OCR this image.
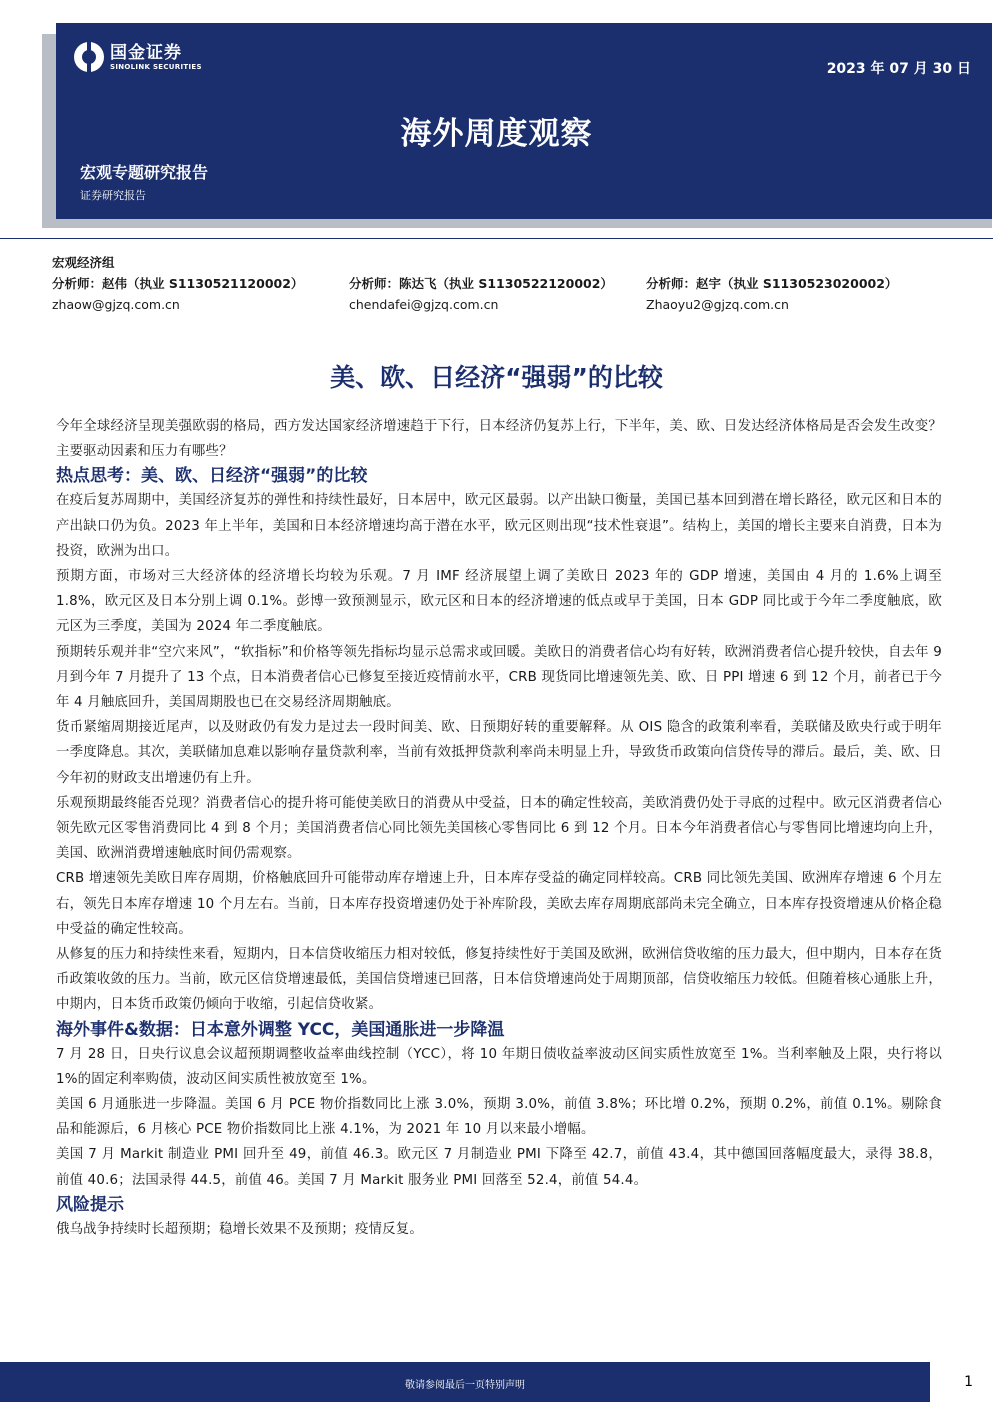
国金证券
SINOLINK SECURITIES	2023 年 07 月 30 日
海外周度观察
宏观专题研究报告
证券研究报告
宏观经济组
分析师：赵伟（执业 S1130521120002）
zhaow@gjzq.com.cn
分析师：陈达飞（执业 S1130522120002）
chendafei@gjzq.com.cn
分析师：赵宇（执业 S1130523020002）
Zhaoyu2@gjzq.com.cn
美、欧、日经济“强弱”的比较

今年全球经济呈现美强欧弱的格局，西方发达国家经济增速趋于下行，日本经济仍复苏上行，下半年，美、欧、日发达经济体格局是否会发生改变？主要驱动因素和压力有哪些？

热点思考：美、欧、日经济“强弱”的比较

在疫后复苏周期中，美国经济复苏的弹性和持续性最好，日本居中，欧元区最弱。以产出缺口衡量，美国已基本回到潜在增长路径，欧元区和日本的产出缺口仍为负。2023 年上半年，美国和日本经济增速均高于潜在水平，欧元区则出现“技术性衰退”。结构上，美国的增长主要来自消费，日本为投资，欧洲为出口。

预期方面，市场对三大经济体的经济增长均较为乐观。7 月 IMF 经济展望上调了美欧日 2023 年的 GDP 增速，美国由 4 月的 1.6%上调至 1.8%，欧元区及日本分别上调 0.1%。彭博一致预测显示，欧元区和日本的经济增速的低点或早于美国，日本 GDP 同比或于今年二季度触底，欧元区为三季度，美国为 2024 年二季度触底。

预期转乐观并非“空穴来风”，“软指标”和价格等领先指标均显示总需求或回暖。美欧日的消费者信心均有好转，欧洲消费者信心提升较快，自去年 9 月到今年 7 月提升了 13 个点，日本消费者信心已修复至接近疫情前水平，CRB 现货同比增速领先美、欧、日 PPI 增速 6 到 12 个月，前者已于今年 4 月触底回升，美国周期股也已在交易经济周期触底。

货币紧缩周期接近尾声，以及财政仍有发力是过去一段时间美、欧、日预期好转的重要解释。从 OIS 隐含的政策利率看，美联储及欧央行或于明年一季度降息。其次，美联储加息难以影响存量贷款利率，当前有效抵押贷款利率尚未明显上升，导致货币政策向信贷传导的滞后。最后，美、欧、日今年初的财政支出增速仍有上升。

乐观预期最终能否兑现？消费者信心的提升将可能使美欧日的消费从中受益，日本的确定性较高，美欧消费仍处于寻底的过程中。欧元区消费者信心领先欧元区零售消费同比 4 到 8 个月；美国消费者信心同比领先美国核心零售同比 6 到 12 个月。日本今年消费者信心与零售同比增速均向上升，美国、欧洲消费增速触底时间仍需观察。

CRB 增速领先美欧日库存周期，价格触底回升可能带动库存增速上升，日本库存受益的确定同样较高。CRB 同比领先美国、欧洲库存增速 6 个月左右，领先日本库存增速 10 个月左右。当前，日本库存投资增速仍处于补库阶段，美欧去库存周期底部尚未完全确立，日本库存投资增速从价格企稳中受益的确定性较高。

从修复的压力和持续性来看，短期内，日本信贷收缩压力相对较低，修复持续性好于美国及欧洲，欧洲信贷收缩的压力最大，但中期内，日本存在货币政策收敛的压力。当前，欧元区信贷增速最低，美国信贷增速已回落，日本信贷增速尚处于周期顶部，信贷收缩压力较低。但随着核心通胀上升，中期内，日本货币政策仍倾向于收缩，引起信贷收紧。

海外事件&数据：日本意外调整 YCC，美国通胀进一步降温

7 月 28 日，日央行议息会议超预期调整收益率曲线控制（YCC），将 10 年期日债收益率波动区间实质性放宽至 1%。当利率触及上限，央行将以 1%的固定利率购债，波动区间实质性被放宽至 1%。

美国 6 月通胀进一步降温。美国 6 月 PCE 物价指数同比上涨 3.0%，预期 3.0%，前值 3.8%；环比增 0.2%，预期 0.2%，前值 0.1%。剔除食品和能源后，6 月核心 PCE 物价指数同比上涨 4.1%，为 2021 年 10 月以来最小增幅。

美国 7 月 Markit 制造业 PMI 回升至 49，前值 46.3。欧元区 7 月制造业 PMI 下降至 42.7，前值 43.4，其中德国回落幅度最大，录得 38.8，前值 40.6；法国录得 44.5，前值 46。美国 7 月 Markit 服务业 PMI 回落至 52.4，前值 54.4。

风险提示

俄乌战争持续时长超预期；稳增长效果不及预期；疫情反复。

敬请参阅最后一页特别声明	1
